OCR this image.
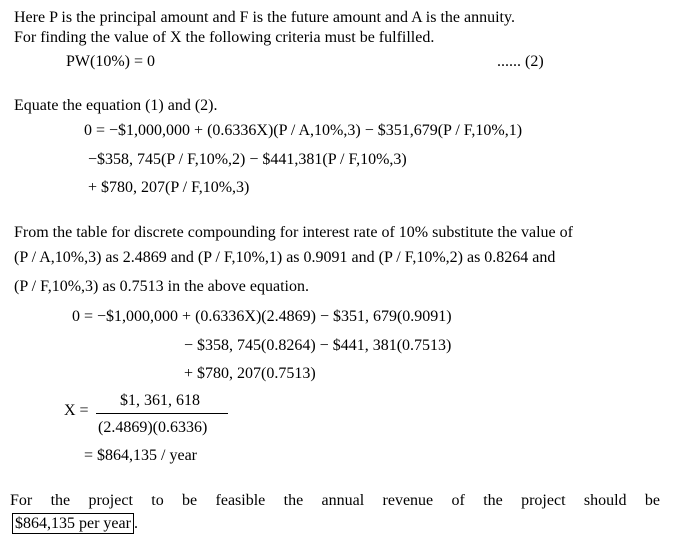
Here P is the principal amount and F is the future amount and A is the annuity.
For finding the value of X the following criteria must be fulfilled.
PW(10%) = 0	...... (2)
Equate the equation (1) and (2).
0 = −$1,000,000 + (0.6336X)(P / A,10%,3) − $351,679(P / F,10%,1)
−$358, 745(P / F,10%,2) − $441,381(P / F,10%,3)
+ $780, 207(P / F,10%,3)
From the table for discrete compounding for interest rate of 10% substitute the value of
(P / A,10%,3) as 2.4869 and (P / F,10%,1) as 0.9091 and (P / F,10%,2) as 0.8264 and
(P / F,10%,3) as 0.7513 in the above equation.
0 = −$1,000,000 + (0.6336X)(2.4869) − $351, 679(0.9091)
− $358, 745(0.8264) − $441, 381(0.7513)
+ $780, 207(0.7513)
X =
$1, 361, 618
(2.4869)(0.6336)
= $864,135 / year
For the project to be feasible the annual revenue of the project should be
$864,135 per year .
